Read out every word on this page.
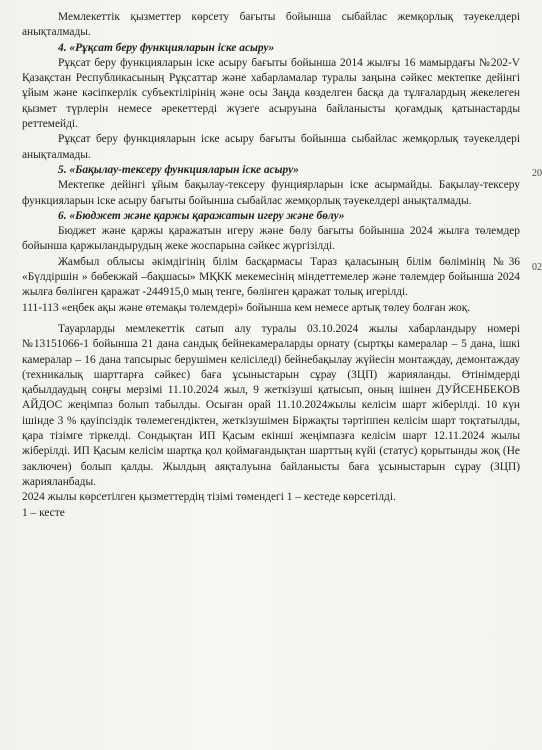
Мемлекеттік қызметтер көрсету бағыты бойынша сыбайлас жемқорлық тәуекелдері анықталмады.

4. «Рұқсат беру функцияларын іске асыру»

Рұқсат беру функцияларын іске асыру бағыты бойынша 2014 жылғы 16 мамырдағы №202-V Қазақстан Республикасының Рұқсаттар және хабарламалар туралы заңына сәйкес мектепке дейінгі ұйым және кәсіпкерлік субъектілірінің және осы Заңда көзделген басқа да тұлғалардың жекелеген қызмет түрлерін немесе әрекеттерді жүзеге асыруына байланысты қоғамдық қатынастарды реттемейді.

Рұқсат беру функцияларын іске асыру бағыты бойынша сыбайлас жемқорлық тәуекелдері анықталмады.

5. «Бақылау-тексеру функцияларын іске асыру»

Мектепке дейінгі ұйым бақылау-тексеру фунциярларын іске асырмайды. Бақылау-тексеру функцияларын іске асыру бағыты бойынша сыбайлас жемқорлық тәуекелдері анықталмады.

6. «Бюджет және қаржы қаражатын игеру және бөлу»

Бюджет және қаржы қаражатын игеру және бөлу бағыты бойынша 2024 жылға төлемдер бойынша қаржыландырудың жеке жоспарына сәйкес жүргізілді.

Жамбыл облысы әкімдігінің білім басқармасы Тараз қаласының білім бөлімінің №36 «Бүлдіршін » бөбекжай –бақшасы» МҚКК мекемесінің міндеттемелер және төлемдер бойынша 2024 жылға бөлінген қаражат -244915,0 мың тенге, бөлінген қаражат толық игерілді.

111-113 «еңбек ақы және өтемақы төлемдері» бойынша кем немесе артық төлеу болған жоқ.

Тауарларды мемлекеттік сатып алу туралы 03.10.2024 жылы хабарландыру номері №13151066-1 бойынша 21 дана сандық бейнекамераларды орнату (сыртқы камералар – 5 дана, ішкі камералар – 16 дана тапсырыс берушімен келісіледі) бейнебақылау жүйесін монтаждау, демонтаждау (техникалық шарттарға сәйкес) баға ұсыныстарын сұрау (ЗЦП) жарияланды. Өтінімдерді қабылдаудың соңғы мерзімі 11.10.2024 жыл, 9 жеткізуші қатысып, оның ішінен ДУЙСЕНБЕКОВ АЙДОС жеңімпаз болып табылды. Осыған орай 11.10.2024жылы келісім шарт жіберілді. 10 күн ішінде 3 % қауіпсіздік төлемегендіктен, жеткізушімен Біржақты тәртіппен келісім шарт тоқтатылды, қара тізімге тіркелді. Сондықтан ИП Қасым екінші жеңімпазға келісім шарт 12.11.2024 жылы жіберілді. ИП Қасым келісім шартқа қол қоймағандықтан шарттың күйі (статус) қорытынды жоқ (Не заключен) болып қалды. Жылдың аяқталуына байланысты баға ұсыныстарын сұрау (ЗЦП) жарияланбады.

2024 жылы көрсетілген қызметтердің тізімі төмендегі 1 – кестеде көрсетілді.

1 – кесте

20
02
